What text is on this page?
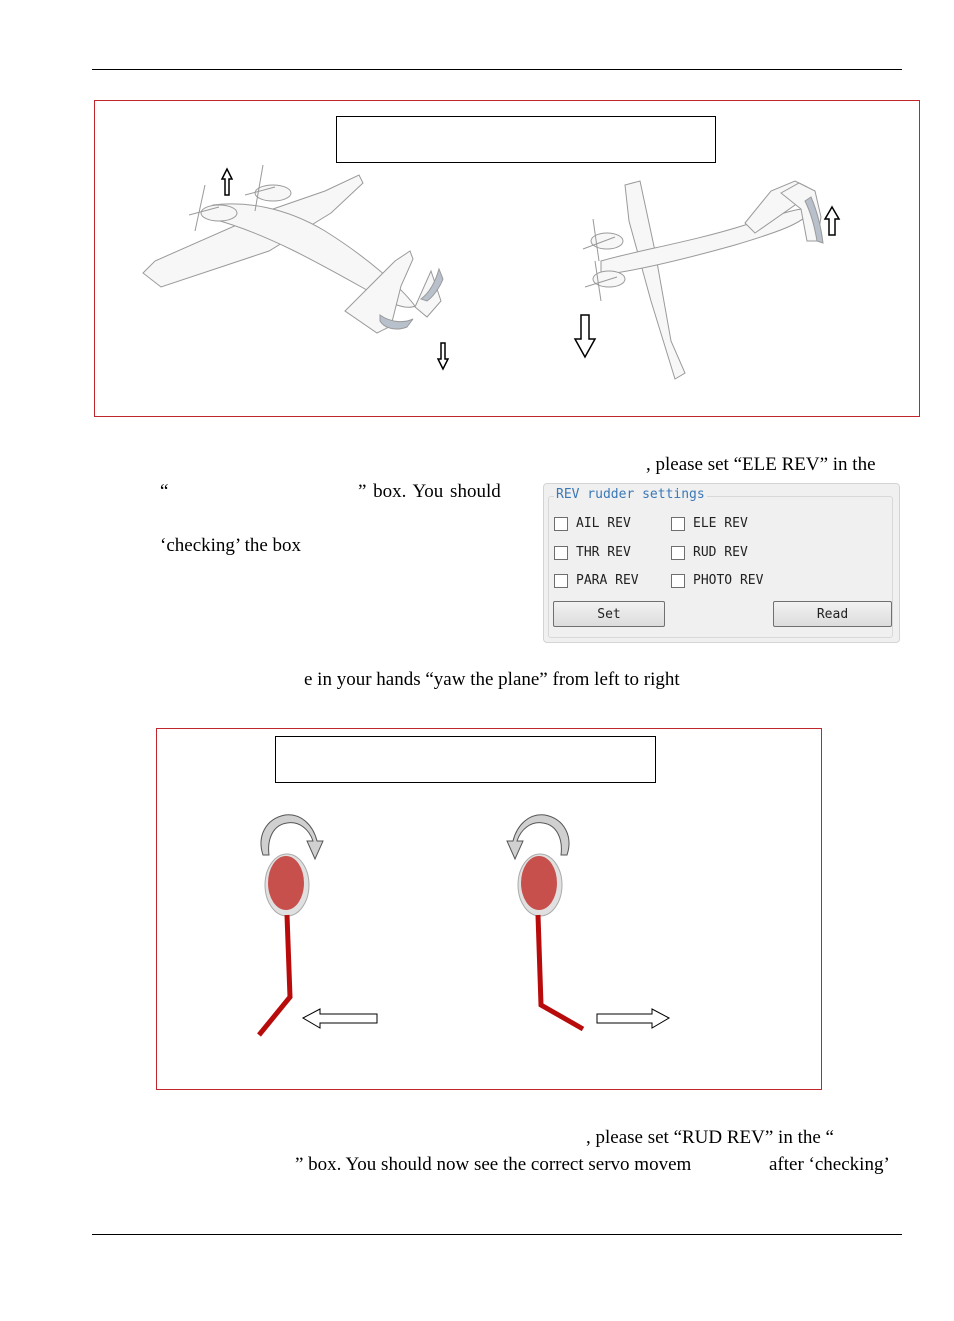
, please set “ELE REV” in the
“	” box. You should
‘checking’ the box
REV rudder settings
AIL REV	ELE REV
THR REV	RUD REV
PARA REV	PHOTO REV
Set	Read
e in your hands “yaw the plane” from left to right
, please set “RUD REV” in the “
” box. You should now see the correct servo movem	after ‘checking’
